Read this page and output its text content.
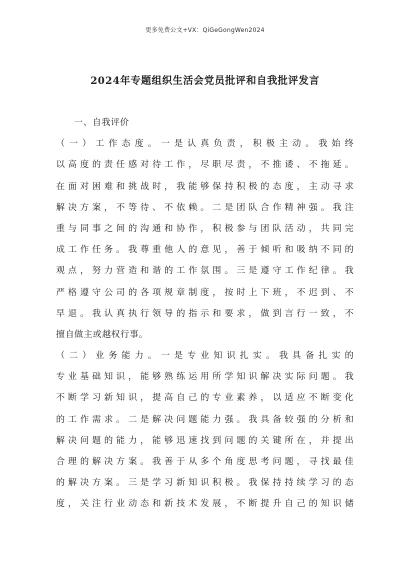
更多免费公文+VX：QiGeGongWen2024
2024年专题组织生活会党员批评和自我批评发言
一、自我评价
（一）工作态度。一是认真负责，积极主动。我始终
以高度的责任感对待工作，尽职尽责，不推诿、不拖延。
在面对困难和挑战时，我能够保持积极的态度，主动寻求
解决方案，不等待、不依赖。二是团队合作精神强。我注
重与同事之间的沟通和协作，积极参与团队活动，共同完
成工作任务。我尊重他人的意见，善于倾听和吸纳不同的
观点，努力营造和谐的工作氛围。三是遵守工作纪律。我
严格遵守公司的各项规章制度，按时上下班，不迟到、不
早退。我认真执行领导的指示和要求，做到言行一致，不
擅自做主或越权行事。
（二）业务能力。一是专业知识扎实。我具备扎实的
专业基础知识，能够熟练运用所学知识解决实际问题。我
不断学习新知识，提高自己的专业素养，以适应不断变化
的工作需求。二是解决问题能力强。我具备较强的分析和
解决问题的能力，能够迅速找到问题的关键所在，并提出
合理的解决方案。我善于从多个角度思考问题，寻找最佳
的解决方案。三是学习新知识积极。我保持持续学习的态
度，关注行业动态和新技术发展，不断提升自己的知识储
